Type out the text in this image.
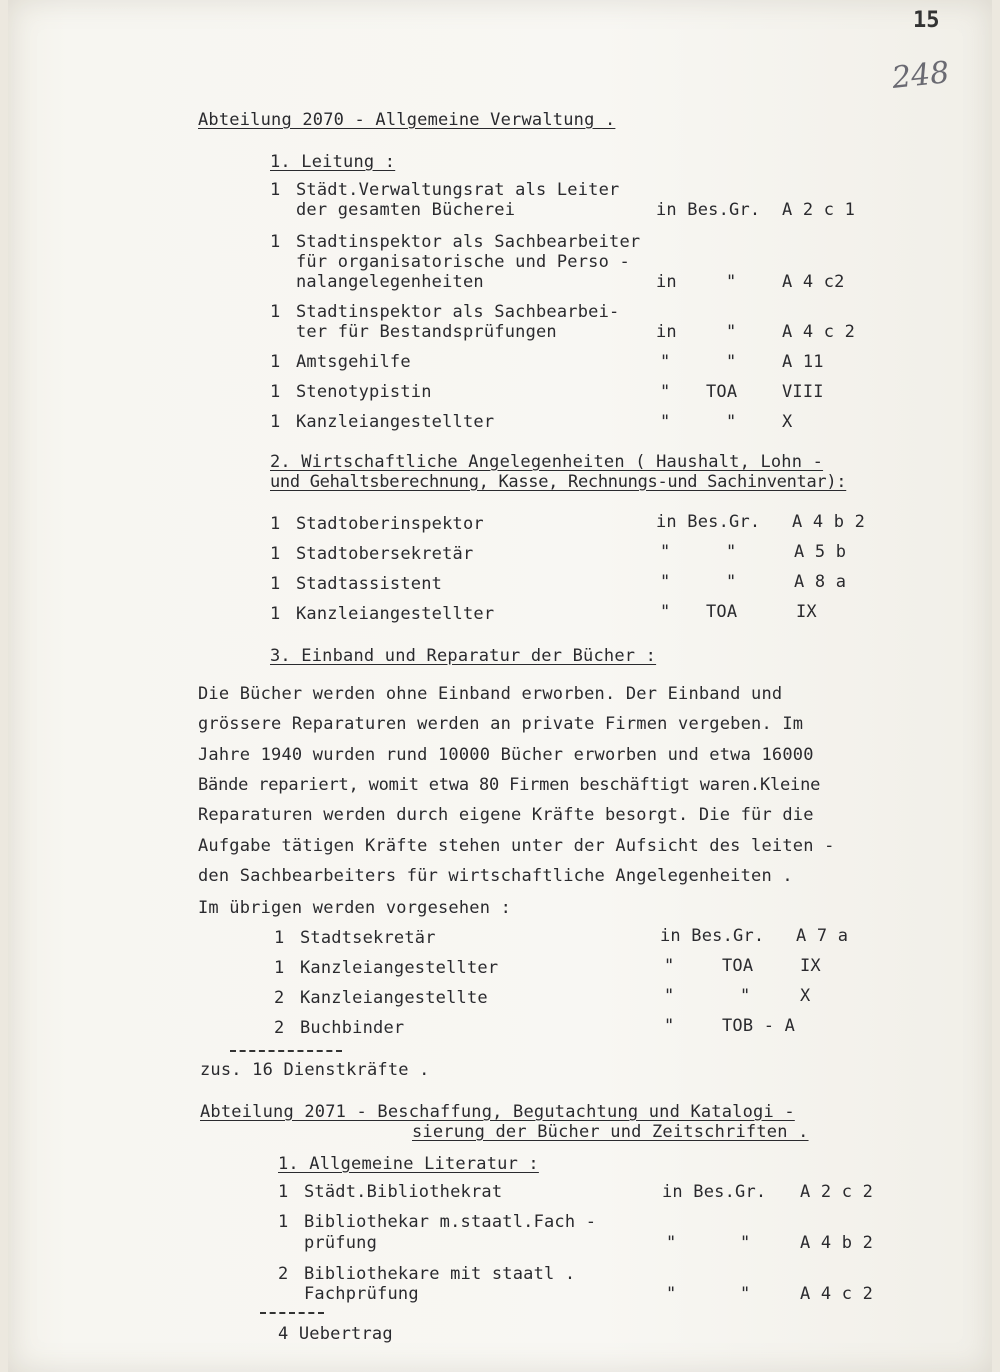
15
248
Abteilung 2070 - Allgemeine Verwaltung .
1. Leitung :
1 Städt.Verwaltungsrat als Leiter
der gesamten Bücherei	in Bes.Gr. A 2 c 1
1 Stadtinspektor als Sachbearbeiter
für organisatorische und Perso -
nalangelegenheiten	in	"	A 4 c2
1 Stadtinspektor als Sachbearbei-
ter für Bestandsprüfungen	in	"	A 4 c 2
1 Amtsgehilfe	"	"	A 11
1 Stenotypistin	" TOA	VIII
1 Kanzleiangestellter	"	"	X
2. Wirtschaftliche Angelegenheiten ( Haushalt, Lohn -
und Gehaltsberechnung, Kasse, Rechnungs-und Sachinventar):
1 Stadtoberinspektor	in Bes.Gr. A 4 b 2
1 Stadtobersekretär	"	"	A 5 b
1 Stadtassistent	"	"	A 8 a
1 Kanzleiangestellter	" TOA	IX
3. Einband und Reparatur der Bücher :
Die Bücher werden ohne Einband erworben. Der Einband und
grössere Reparaturen werden an private Firmen vergeben. Im
Jahre 1940 wurden rund 10000 Bücher erworben und etwa 16000
Bände repariert, womit etwa 80 Firmen beschäftigt waren.Kleine
Reparaturen werden durch eigene Kräfte besorgt. Die für die
Aufgabe tätigen Kräfte stehen unter der Aufsicht des leiten -
den Sachbearbeiters für wirtschaftliche Angelegenheiten .
Im übrigen werden vorgesehen :
1 Stadtsekretär	in Bes.Gr. A 7 a
1 Kanzleiangestellter	"	TOA	IX
2 Kanzleiangestellte	"	"	X
2 Buchbinder	"	TOB - A
zus. 16 Dienstkräfte .
Abteilung 2071 - Beschaffung, Begutachtung und Katalogi -
sierung der Bücher und Zeitschriften .
1. Allgemeine Literatur :
1 Städt.Bibliothekrat	in Bes.Gr. A 2 c 2
1 Bibliothekar m.staatl.Fach -
prüfung	"	"	A 4 b 2
2 Bibliothekare mit staatl .
Fachprüfung	"	"	A 4 c 2
4 Uebertrag
